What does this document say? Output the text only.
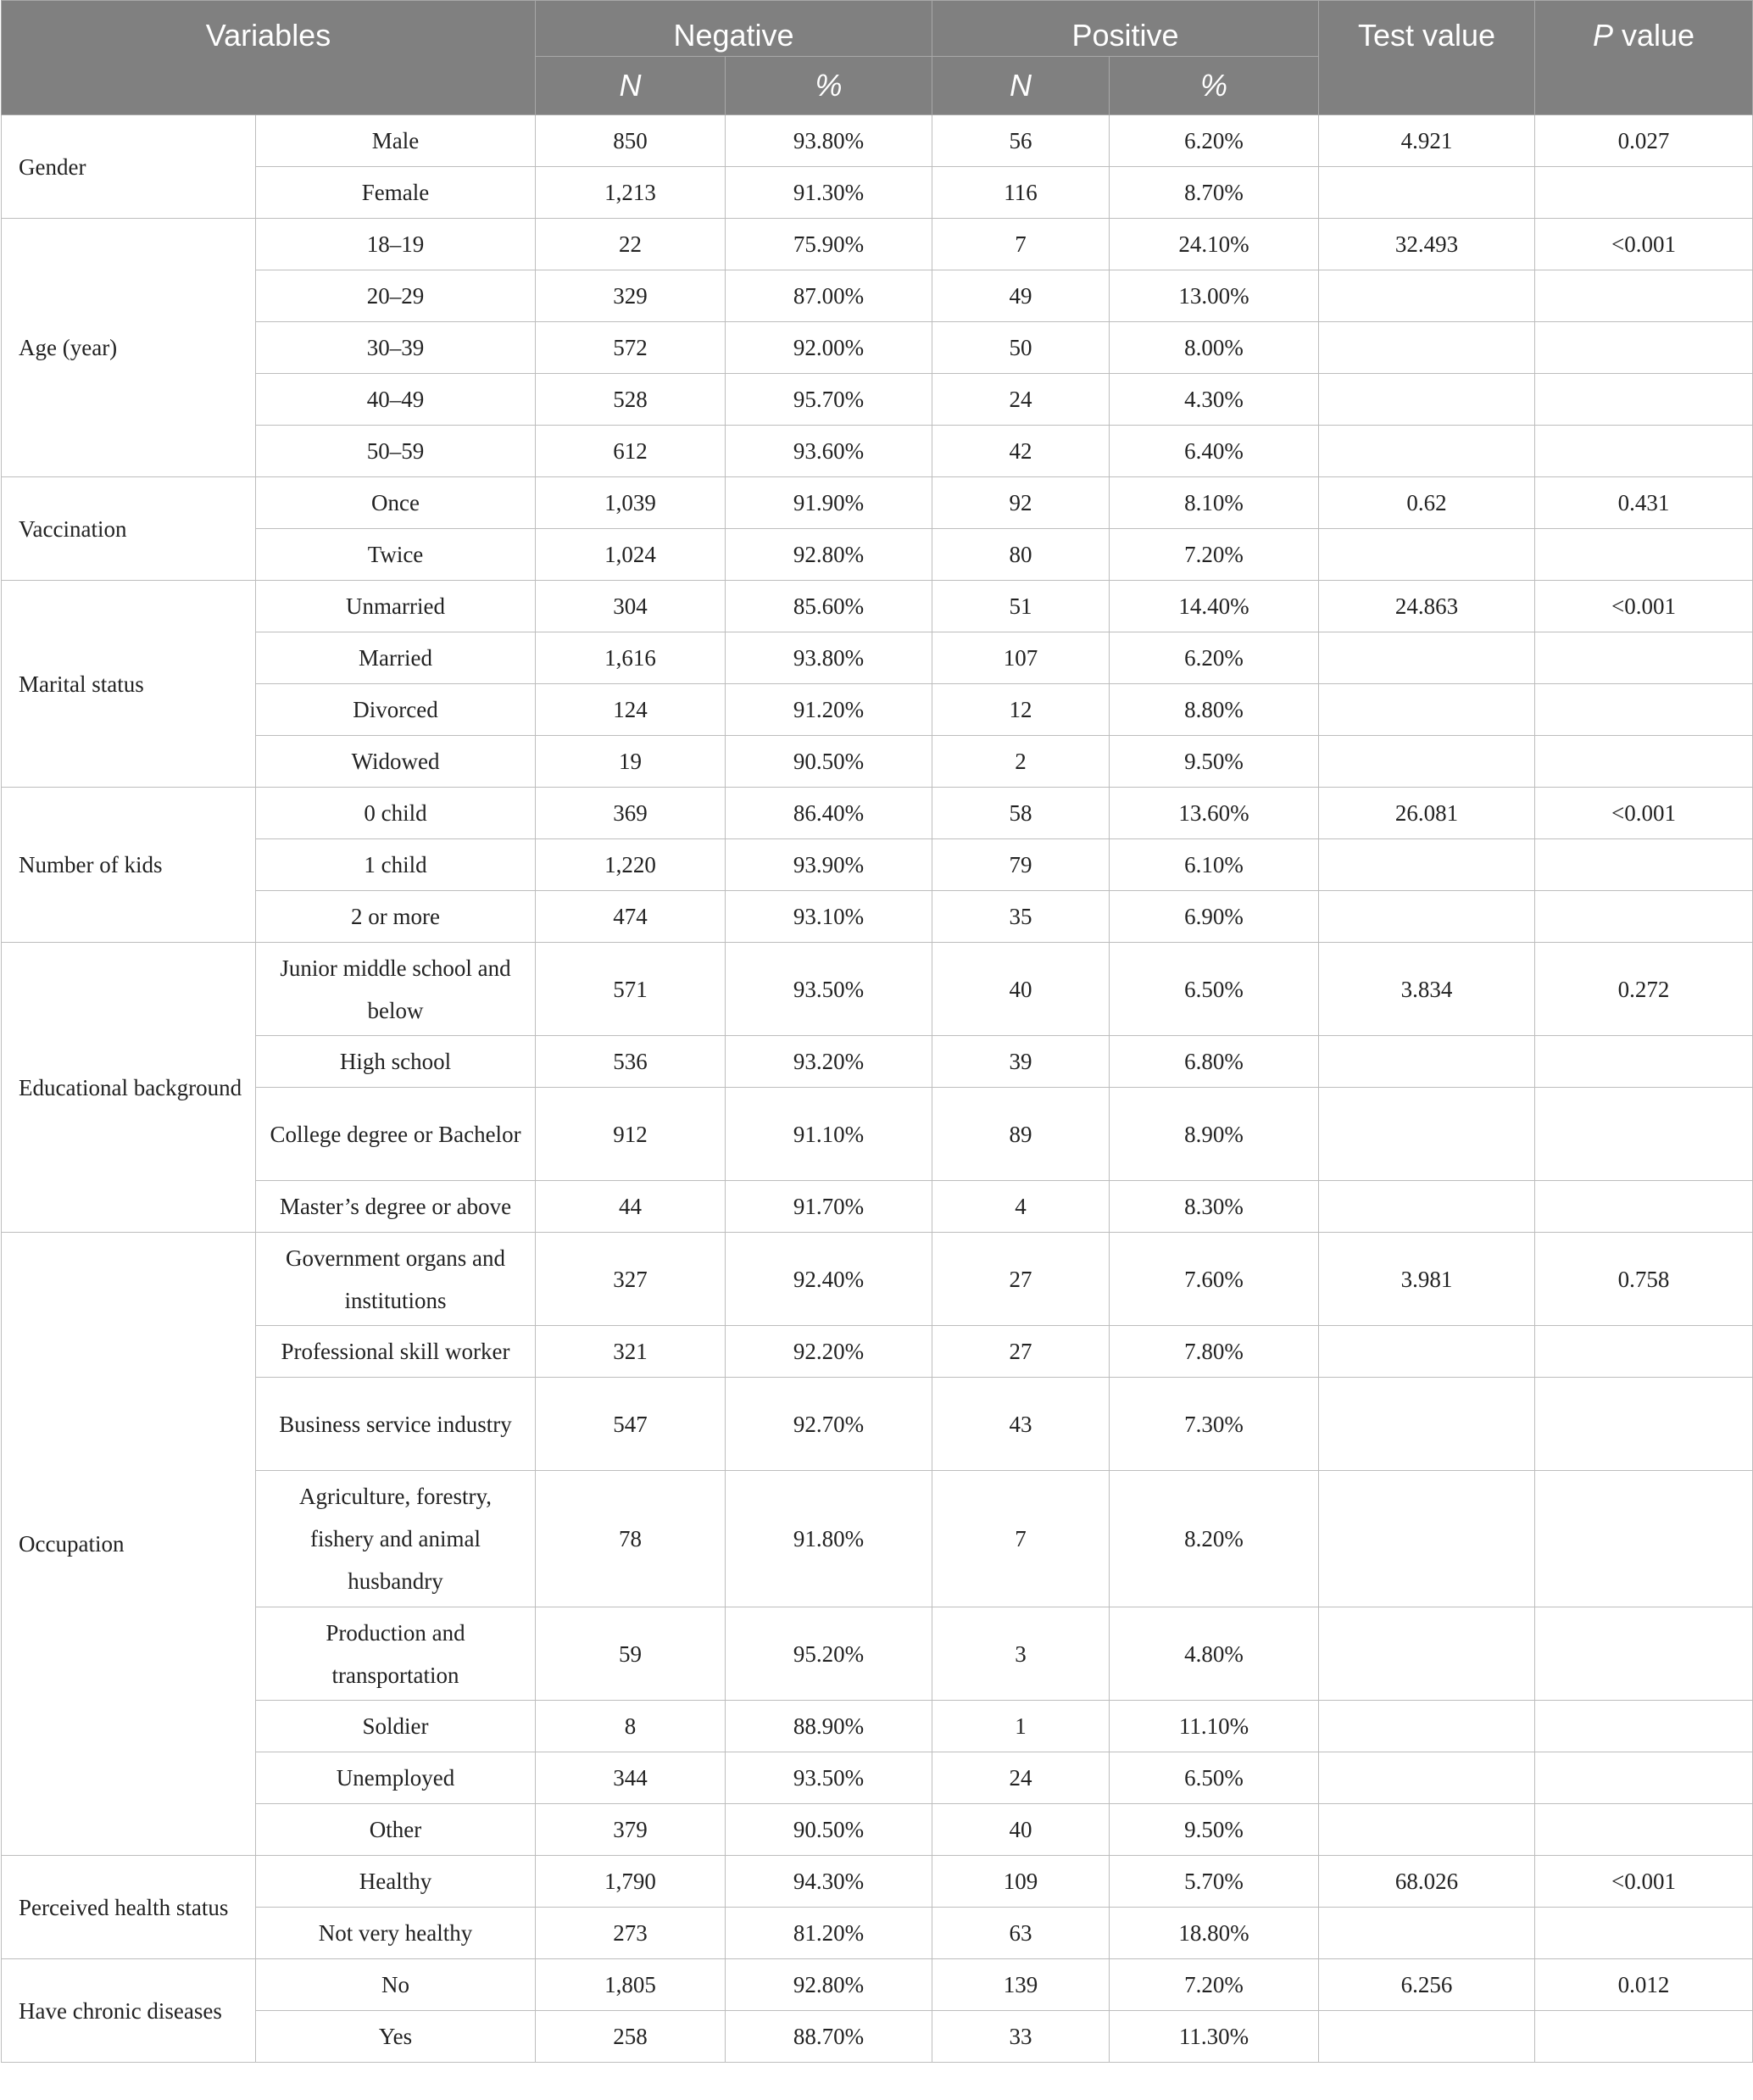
Variables		Negative		Positive		Test value	P value
		N	%	N	%		
Gender	Male	850	93.80%	56	6.20%	4.921	0.027
	Female	1,213	91.30%	116	8.70%		
Age (year)	18–19	22	75.90%	7	24.10%	32.493	<0.001
	20–29	329	87.00%	49	13.00%		
	30–39	572	92.00%	50	8.00%		
	40–49	528	95.70%	24	4.30%		
	50–59	612	93.60%	42	6.40%		
Vaccination	Once	1,039	91.90%	92	8.10%	0.62	0.431
	Twice	1,024	92.80%	80	7.20%		
Marital status	Unmarried	304	85.60%	51	14.40%	24.863	<0.001
	Married	1,616	93.80%	107	6.20%		
	Divorced	124	91.20%	12	8.80%		
	Widowed	19	90.50%	2	9.50%		
Number of kids	0 child	369	86.40%	58	13.60%	26.081	<0.001
	1 child	1,220	93.90%	79	6.10%		
	2 or more	474	93.10%	35	6.90%		
Educational background	Junior middle school and below	571	93.50%	40	6.50%	3.834	0.272
	High school	536	93.20%	39	6.80%		
	College degree or Bachelor	912	91.10%	89	8.90%		
	Master’s degree or above	44	91.70%	4	8.30%		
Occupation	Government organs and institutions	327	92.40%	27	7.60%	3.981	0.758
	Professional skill worker	321	92.20%	27	7.80%		
	Business service industry	547	92.70%	43	7.30%		
	Agriculture, forestry, fishery and animal husbandry	78	91.80%	7	8.20%		
	Production and transportation	59	95.20%	3	4.80%		
	Soldier	8	88.90%	1	11.10%		
	Unemployed	344	93.50%	24	6.50%		
	Other	379	90.50%	40	9.50%		
Perceived health status	Healthy	1,790	94.30%	109	5.70%	68.026	<0.001
	Not very healthy	273	81.20%	63	18.80%		
Have chronic diseases	No	1,805	92.80%	139	7.20%	6.256	0.012
	Yes	258	88.70%	33	11.30%		
